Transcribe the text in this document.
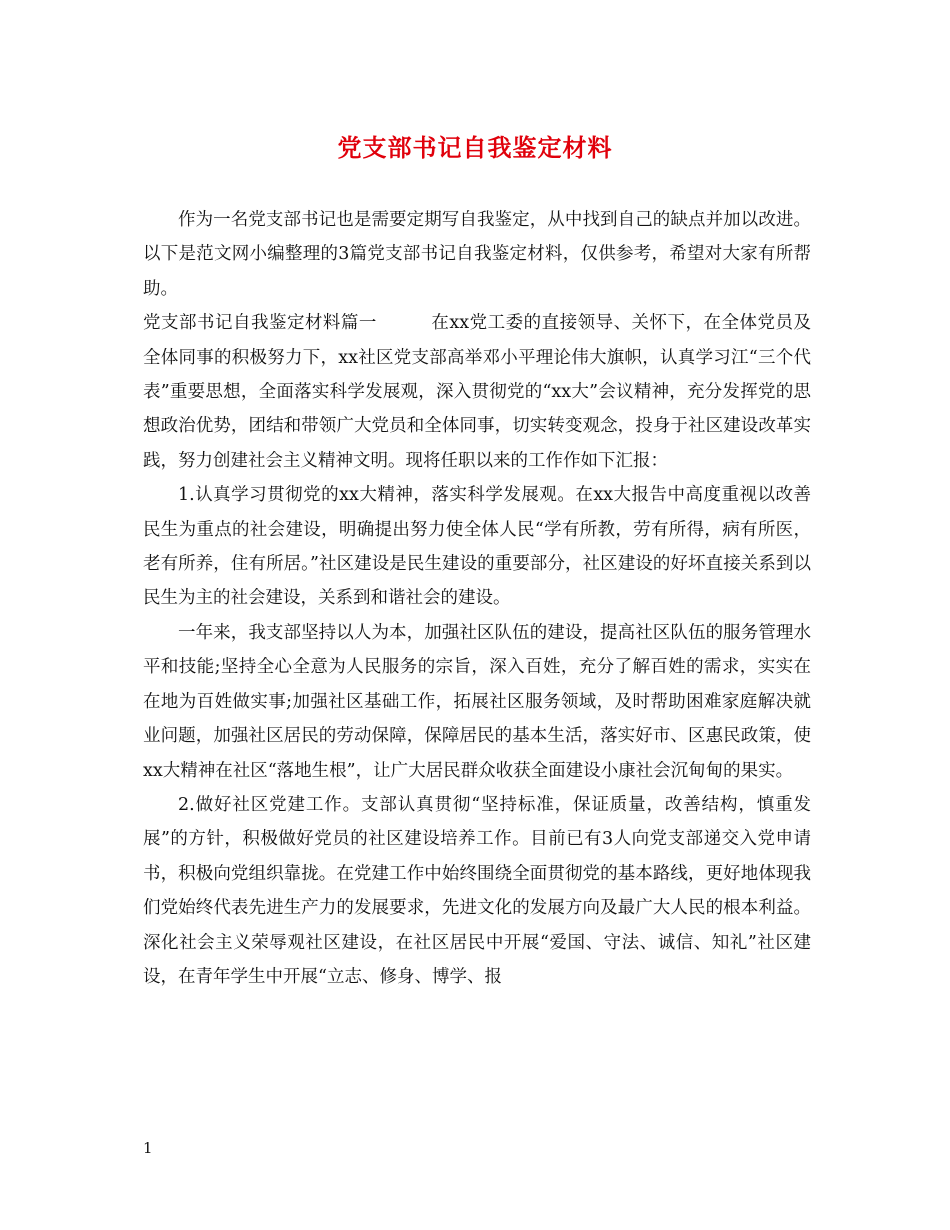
党支部书记自我鉴定材料

作为一名党支部书记也是需要定期写自我鉴定，从中找到自己的缺点并加以改进。以下是范文网小编整理的3篇党支部书记自我鉴定材料，仅供参考，希望对大家有所帮助。

党支部书记自我鉴定材料篇一	在xx党工委的直接领导、关怀下，在全体党员及全体同事的积极努力下，xx社区党支部高举邓小平理论伟大旗帜，认真学习江“三个代表”重要思想，全面落实科学发展观，深入贯彻党的“xx大”会议精神，充分发挥党的思想政治优势，团结和带领广大党员和全体同事，切实转变观念，投身于社区建设改革实践，努力创建社会主义精神文明。现将任职以来的工作作如下汇报：

1.认真学习贯彻党的xx大精神，落实科学发展观。在xx大报告中高度重视以改善民生为重点的社会建设，明确提出努力使全体人民“学有所教，劳有所得，病有所医，老有所养，住有所居。”社区建设是民生建设的重要部分，社区建设的好坏直接关系到以民生为主的社会建设，关系到和谐社会的建设。

一年来，我支部坚持以人为本，加强社区队伍的建设，提高社区队伍的服务管理水平和技能;坚持全心全意为人民服务的宗旨，深入百姓，充分了解百姓的需求，实实在在地为百姓做实事;加强社区基础工作，拓展社区服务领域，及时帮助困难家庭解决就业问题，加强社区居民的劳动保障，保障居民的基本生活，落实好市、区惠民政策，使xx大精神在社区“落地生根”，让广大居民群众收获全面建设小康社会沉甸甸的果实。

2.做好社区党建工作。支部认真贯彻“坚持标准，保证质量，改善结构，慎重发展”的方针，积极做好党员的社区建设培养工作。目前已有3人向党支部递交入党申请书，积极向党组织靠拢。在党建工作中始终围绕全面贯彻党的基本路线，更好地体现我们党始终代表先进生产力的发展要求，先进文化的发展方向及最广大人民的根本利益。深化社会主义荣辱观社区建设，在社区居民中开展“爱国、守法、诚信、知礼”社区建设，在青年学生中开展“立志、修身、博学、报

1
